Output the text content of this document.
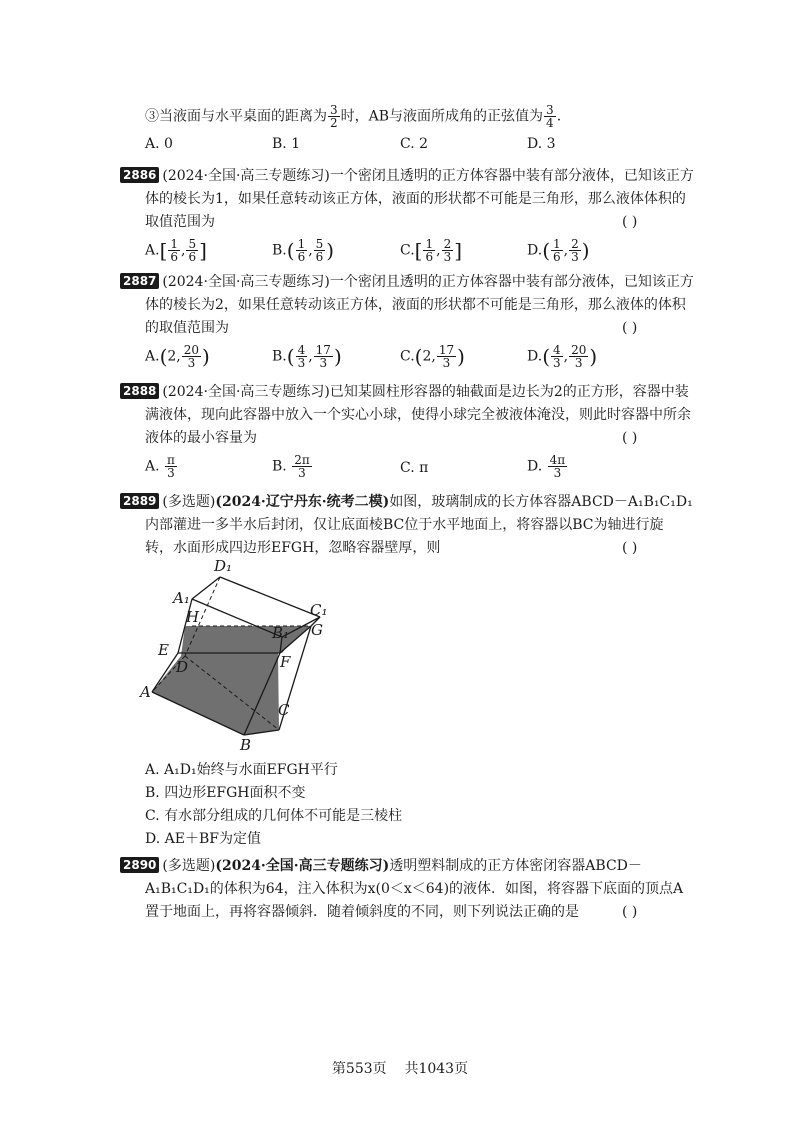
③当液面与水平桌面的距离为 $\frac{3}{2}$ 时，AB与液面所成角的正弦值为 $\frac{3}{4}$ .
A. 0	B. 1	C. 2	D. 3
2886 (2024·全国·高三专题练习)一个密闭且透明的正方体容器中装有部分液体，已知该正方
体的棱长为1，如果任意转动该正方体，液面的形状都不可能是三角形，那么液体体积的
取值范围为	( )
$A.[ \frac{1}{6}$ , $\frac{5}{6}$ ]	$B.( \frac{1}{6}$ , $\frac{5}{6}$ )	$C.[ \frac{1}{6}$ , $\frac{2}{3}$ ]	$D.( \frac{1}{6}$ , $\frac{2}{3}$ )
2887 (2024·全国·高三专题练习)一个密闭且透明的正方体容器中装有部分液体，已知该正方
体的棱长为2，如果任意转动该正方体，液面的形状都不可能是三角形，那么液体的体积
的取值范围为	( )
A.(2, $\frac{20}{3}$ )	$B.( \frac{4}{3}$ , $\frac{17}{3}$ )	C.(2, $\frac{17}{3}$ )	$D.( \frac{4}{3}$ , $\frac{20}{3}$ )
2888 (2024·全国·高三专题练习)已知某圆柱形容器的轴截面是边长为2的正方形，容器中装
满液体，现向此容器中放入一个实心小球，使得小球完全被液体淹没，则此时容器中所余
液体的最小容量为	( )
A. $\frac{\pi}{3}$	B. $\frac{2\pi}{3}$	C. π	D. $\frac{4\pi}{3}$
2889 (多选题)(2024·辽宁丹东·统考二模)如图，玻璃制成的长方体容器ABCD－A₁B₁C₁D₁
内部灌进一多半水后封闭，仅让底面棱BC位于水平地面上，将容器以BC为轴进行旋
转，水面形成四边形EFGH，忽略容器壁厚，则	( )
D₁
A₁
C₁
H
B₁ G
E
F
D
A
C
B
A. A₁D₁始终与水面EFGH平行
B. 四边形EFGH面积不变
C. 有水部分组成的几何体不可能是三棱柱
D. AE＋BF为定值
2890 (多选题)(2024·全国·高三专题练习)透明塑料制成的正方体密闭容器ABCD－
A₁B₁C₁D₁的体积为64，注入体积为x(0＜x＜64)的液体．如图，将容器下底面的顶点A
置于地面上，再将容器倾斜．随着倾斜度的不同，则下列说法正确的是	( )
第553页 共1043页
